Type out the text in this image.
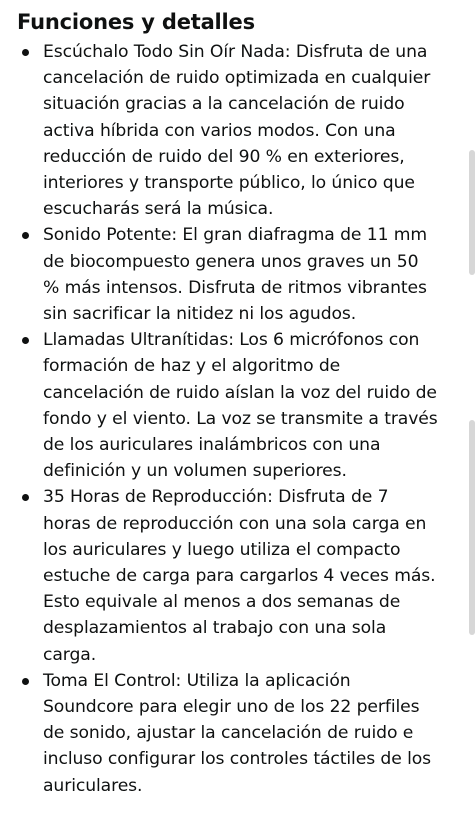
Funciones y detalles
Escúchalo Todo Sin Oír Nada: Disfruta de una
cancelación de ruido optimizada en cualquier
situación gracias a la cancelación de ruido
activa híbrida con varios modos. Con una
reducción de ruido del 90 % en exteriores,
interiores y transporte público, lo único que
escucharás será la música.
Sonido Potente: El gran diafragma de 11 mm
de biocompuesto genera unos graves un 50
% más intensos. Disfruta de ritmos vibrantes
sin sacrificar la nitidez ni los agudos.
Llamadas Ultranítidas: Los 6 micrófonos con
formación de haz y el algoritmo de
cancelación de ruido aíslan la voz del ruido de
fondo y el viento. La voz se transmite a través
de los auriculares inalámbricos con una
definición y un volumen superiores.
35 Horas de Reproducción: Disfruta de 7
horas de reproducción con una sola carga en
los auriculares y luego utiliza el compacto
estuche de carga para cargarlos 4 veces más.
Esto equivale al menos a dos semanas de
desplazamientos al trabajo con una sola
carga.
Toma El Control: Utiliza la aplicación
Soundcore para elegir uno de los 22 perfiles
de sonido, ajustar la cancelación de ruido e
incluso configurar los controles táctiles de los
auriculares.
